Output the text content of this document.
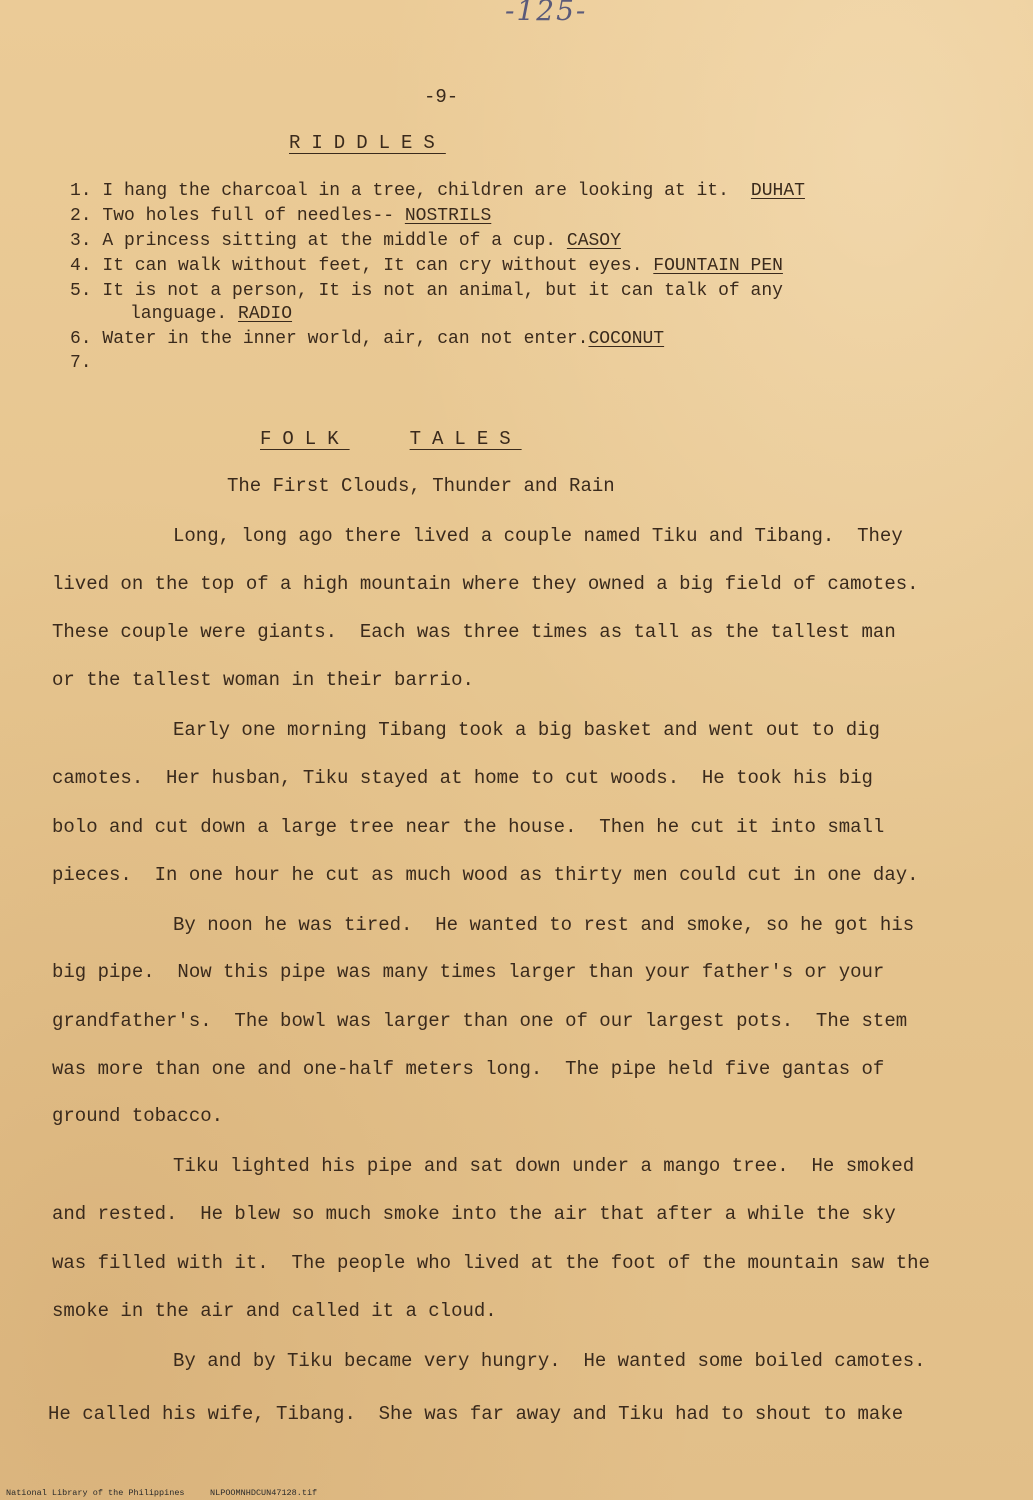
-125-
-9-
RIDDLES
1. I hang the charcoal in a tree, children are looking at it. DUHAT
2. Two holes full of needles-- NOSTRILS
3. A princess sitting at the middle of a cup. CASOY
4. It can walk without feet, It can cry without eyes. FOUNTAIN PEN
5. It is not a person, It is not an animal, but it can talk of any
language. RADIO
6. Water in the inner world, air, can not enter.COCONUT
7.
FOLK	TALES
The First Clouds, Thunder and Rain
Long, long ago there lived a couple named Tiku and Tibang.  They
lived on the top of a high mountain where they owned a big field of camotes.
These couple were giants.  Each was three times as tall as the tallest man
or the tallest woman in their barrio.
Early one morning Tibang took a big basket and went out to dig
camotes.  Her husban, Tiku stayed at home to cut woods.  He took his big
bolo and cut down a large tree near the house.  Then he cut it into small
pieces.  In one hour he cut as much wood as thirty men could cut in one day.
By noon he was tired.  He wanted to rest and smoke, so he got his
big pipe.  Now this pipe was many times larger than your father's or your
grandfather's.  The bowl was larger than one of our largest pots.  The stem
was more than one and one-half meters long.  The pipe held five gantas of
ground tobacco.
Tiku lighted his pipe and sat down under a mango tree.  He smoked
and rested.  He blew so much smoke into the air that after a while the sky
was filled with it.  The people who lived at the foot of the mountain saw the
smoke in the air and called it a cloud.
By and by Tiku became very hungry.  He wanted some boiled camotes.
He called his wife, Tibang.  She was far away and Tiku had to shout to make
National Library of the Philippines     NLPOOMNHDCUN47128.tif
